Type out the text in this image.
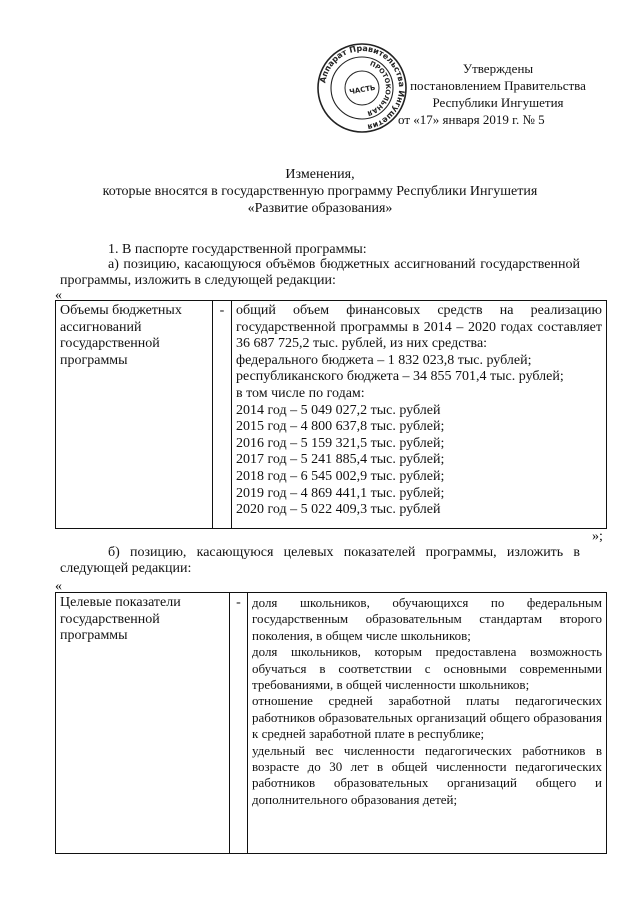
Аппарат Правительства Ингушетия
ПРОТОКОЛЬНАЯ
ЧАСТЬ
Утверждены
постановлением Правительства
Республики Ингушетия
от «17» января 2019 г. № 5
Изменения,
которые вносятся в государственную программу Республики Ингушетия
«Развитие образования»
1. В паспорте государственной программы:
а) позицию, касающуюся объёмов бюджетных ассигнований государственной программы, изложить в следующей редакции:
«
Объемы бюджетных ассигнований государственной программы	-	общий объем финансовых средств на реализацию государственной программы в 2014 – 2020 годах составляет 36 687 725,2 тыс. рублей, из них средства:
федерального бюджета – 1 832 023,8 тыс. рублей;
республиканского бюджета – 34 855 701,4 тыс. рублей;
в том числе по годам:
2014 год – 5 049 027,2 тыс. рублей
2015 год – 4 800 637,8 тыс. рублей;
2016 год – 5 159 321,5 тыс. рублей;
2017 год – 5 241 885,4 тыс. рублей;
2018 год – 6 545 002,9 тыс. рублей;
2019 год – 4 869 441,1 тыс. рублей;
2020 год – 5 022 409,3 тыс. рублей
»;
б) позицию, касающуюся целевых показателей программы, изложить в следующей редакции:
«
Целевые показатели государственной программы	-	доля школьников, обучающихся по федеральным государственным образовательным стандартам второго поколения, в общем числе школьников;
доля школьников, которым предоставлена возможность обучаться в соответствии с основными современными требованиями, в общей численности школьников;
отношение средней заработной платы педагогических работников образовательных организаций общего образования к средней заработной плате в республике;
удельный вес численности педагогических работников в возрасте до 30 лет в общей численности педагогических работников образовательных организаций общего и дополнительного образования детей;
